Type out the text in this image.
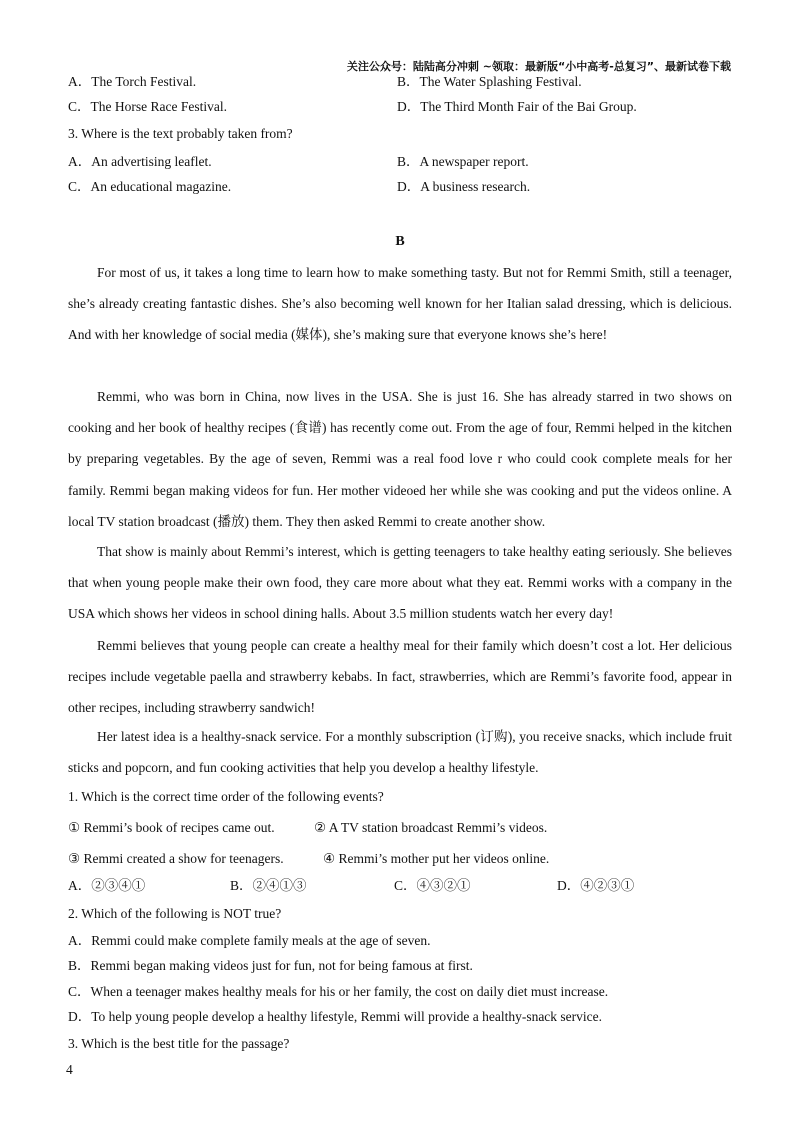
关注公众号：陆陆高分冲刺 ~领取：最新版“小中高考-总复习”、最新试卷下载
A．The Torch Festival.	B．The Water Splashing Festival.
C．The Horse Race Festival.	D．The Third Month Fair of the Bai Group.
3. Where is the text probably taken from?
A．An advertising leaflet.	B．A newspaper report.
C．An educational magazine.	D．A business research.
B

For most of us, it takes a long time to learn how to make something tasty. But not for Remmi Smith, still a teenager, she’s already creating fantastic dishes. She’s also becoming well known for her Italian salad dressing, which is delicious. And with her knowledge of social media (媒体), she’s making sure that everyone knows she’s here!

Remmi, who was born in China, now lives in the USA. She is just 16. She has already starred in two shows on cooking and her book of healthy recipes (食谱) has recently come out. From the age of four, Remmi helped in the kitchen by preparing vegetables. By the age of seven, Remmi was a real food love r who could cook complete meals for her family. Remmi began making videos for fun. Her mother videoed her while she was cooking and put the videos online. A local TV station broadcast (播放) them. They then asked Remmi to create another show.

That show is mainly about Remmi’s interest, which is getting teenagers to take healthy eating seriously. She believes that when young people make their own food, they care more about what they eat. Remmi works with a company in the USA which shows her videos in school dining halls. About 3.5 million students watch her every day!

Remmi believes that young people can create a healthy meal for their family which doesn’t cost a lot. Her delicious recipes include vegetable paella and strawberry kebabs. In fact, strawberries, which are Remmi’s favorite food, appear in other recipes, including strawberry sandwich!

Her latest idea is a healthy-snack service. For a monthly subscription (订购), you receive snacks, which include fruit sticks and popcorn, and fun cooking activities that help you develop a healthy lifestyle.

1. Which is the correct time order of the following events?
① Remmi’s book of recipes came out.	② A TV station broadcast Remmi’s videos.
③ Remmi created a show for teenagers.	④ Remmi’s mother put her videos online.
A．②③④①	B．②④①③	C．④③②①	D．④②③①
2. Which of the following is NOT true?
A．Remmi could make complete family meals at the age of seven.
B．Remmi began making videos just for fun, not for being famous at first.
C．When a teenager makes healthy meals for his or her family, the cost on daily diet must increase.
D．To help young people develop a healthy lifestyle, Remmi will provide a healthy-snack service.
3. Which is the best title for the passage?
4
